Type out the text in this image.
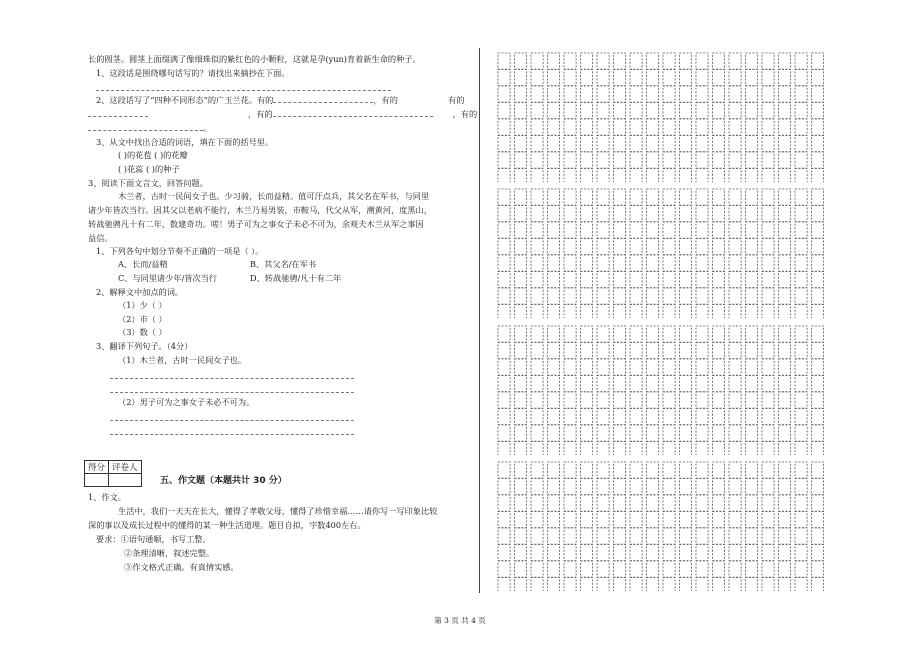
长的圆茎。圆茎上面缀满了像细珠似的紫红色的小颗粒，这就是孕(yun)育着新生命的种子。
1、这段话是围绕哪句话写的？请找出来摘抄在下面。
2、这段话写了“四种不同形态”的广玉兰花。有的	，有的	有的
，有的	，有的
。
3、从文中找出合适的词语，填在下面的括号里。
( )的花苞 ( )的花瓣
( )花蕊 ( )的种子
3、阅读下面文言文，回答问题。
木兰者，古时一民间女子也。少习骑，长而益精。值可汗点兵，其父名在军书，与同里
诸少年皆次当行。因其父以老病不能行，木兰乃易男装，市鞍马，代父从军，溯黄河，度黑山，
转战驰骋凡十有二年，数建奇功。嗟！男子可为之事女子未必不可为，余观夫木兰从军之事因
益信。
1、下列各句中划分节奏不正确的一项是（ ）。
A、长而/益精	B、其父名/在军书
C、与同里诸少年/皆次当行	D、转战驰骋/凡十有二年
2、解释文中加点的词。
（1）少（ ）
（2）市（ ）
（3）数（ ）
3、翻译下列句子。（4分）
（1）木兰者，古时一民间女子也。
（2）男子可为之事女子未必不可为。
得分	评卷人

五、作文题（本题共计 30 分）
1、作文。
生活中，我们一天天在长大，懂得了孝敬父母，懂得了珍惜幸福……请你写一写印象比较
深的事以及成长过程中的懂得的某一种生活道理。题目自拟，字数400左右。
要求：①语句通顺，书写工整。
②条理清晰，叙述完整。
③作文格式正确。有真情实感。
第 3 页 共 4 页
